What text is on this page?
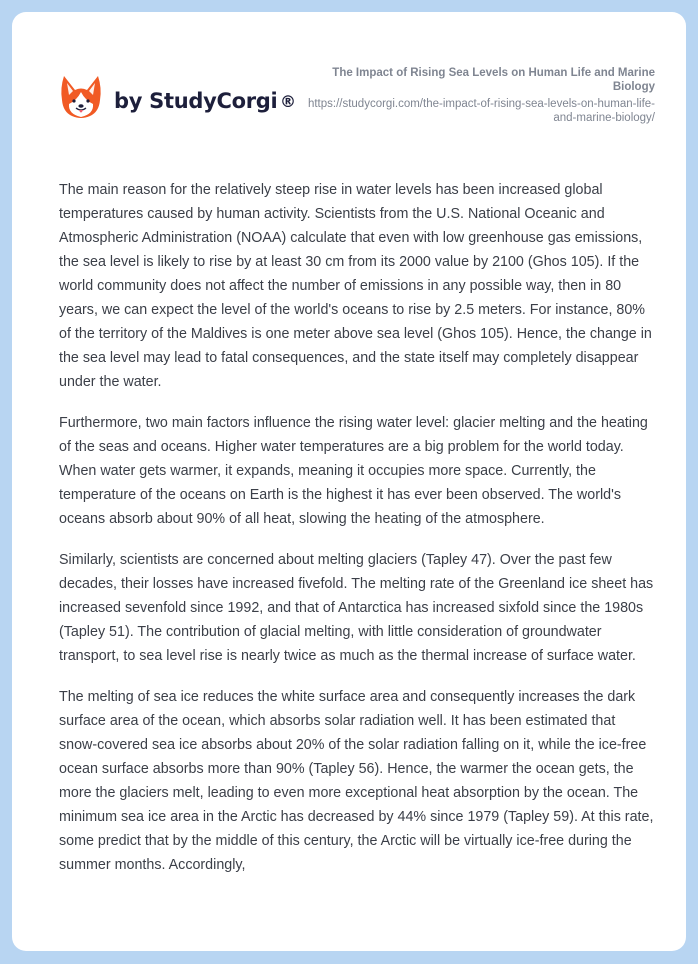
by StudyCorgi ®
The Impact of Rising Sea Levels on Human Life and Marine Biology
https://studycorgi.com/the-impact-of-rising-sea-levels-on-human-life-and-marine-biology/

The main reason for the relatively steep rise in water levels has been increased global temperatures caused by human activity. Scientists from the U.S. National Oceanic and Atmospheric Administration (NOAA) calculate that even with low greenhouse gas emissions, the sea level is likely to rise by at least 30 cm from its 2000 value by 2100 (Ghos 105). If the world community does not affect the number of emissions in any possible way, then in 80 years, we can expect the level of the world's oceans to rise by 2.5 meters. For instance, 80% of the territory of the Maldives is one meter above sea level (Ghos 105). Hence, the change in the sea level may lead to fatal consequences, and the state itself may completely disappear under the water.

Furthermore, two main factors influence the rising water level: glacier melting and the heating of the seas and oceans. Higher water temperatures are a big problem for the world today. When water gets warmer, it expands, meaning it occupies more space. Currently, the temperature of the oceans on Earth is the highest it has ever been observed. The world's oceans absorb about 90% of all heat, slowing the heating of the atmosphere.

Similarly, scientists are concerned about melting glaciers (Tapley 47). Over the past few decades, their losses have increased fivefold. The melting rate of the Greenland ice sheet has increased sevenfold since 1992, and that of Antarctica has increased sixfold since the 1980s (Tapley 51). The contribution of glacial melting, with little consideration of groundwater transport, to sea level rise is nearly twice as much as the thermal increase of surface water.

The melting of sea ice reduces the white surface area and consequently increases the dark surface area of the ocean, which absorbs solar radiation well. It has been estimated that snow-covered sea ice absorbs about 20% of the solar radiation falling on it, while the ice-free ocean surface absorbs more than 90% (Tapley 56). Hence, the warmer the ocean gets, the more the glaciers melt, leading to even more exceptional heat absorption by the ocean. The minimum sea ice area in the Arctic has decreased by 44% since 1979 (Tapley 59). At this rate, some predict that by the middle of this century, the Arctic will be virtually ice-free during the summer months. Accordingly,
